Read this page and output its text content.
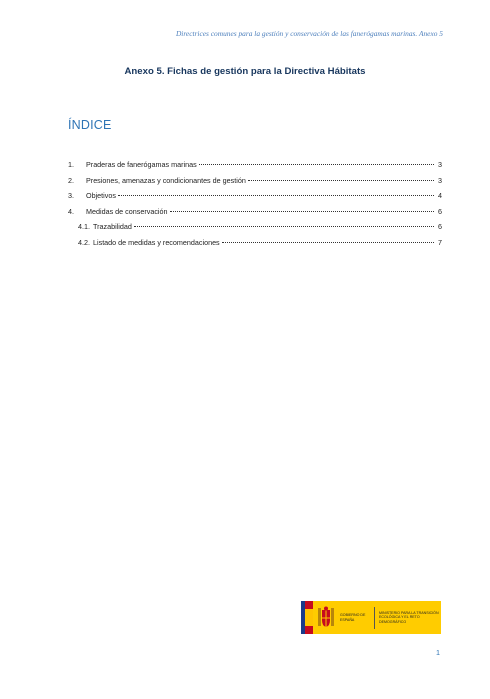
Directrices comunes para la gestión y conservación de las fanerógamas marinas. Anexo 5
Anexo 5. Fichas de gestión para la Directiva Hábitats
ÍNDICE
1.	Praderas de fanerógamas marinas	3
2.	Presiones, amenazas y condicionantes de gestión	3
3.	Objetivos	4
4.	Medidas de conservación	6
4.1. Trazabilidad	6
4.2. Listado de medidas y recomendaciones	7
GOBIERNO DE ESPAÑA
MINISTERIO PARA LA TRANSICIÓN ECOLÓGICA Y EL RETO DEMOGRÁFICO
1
